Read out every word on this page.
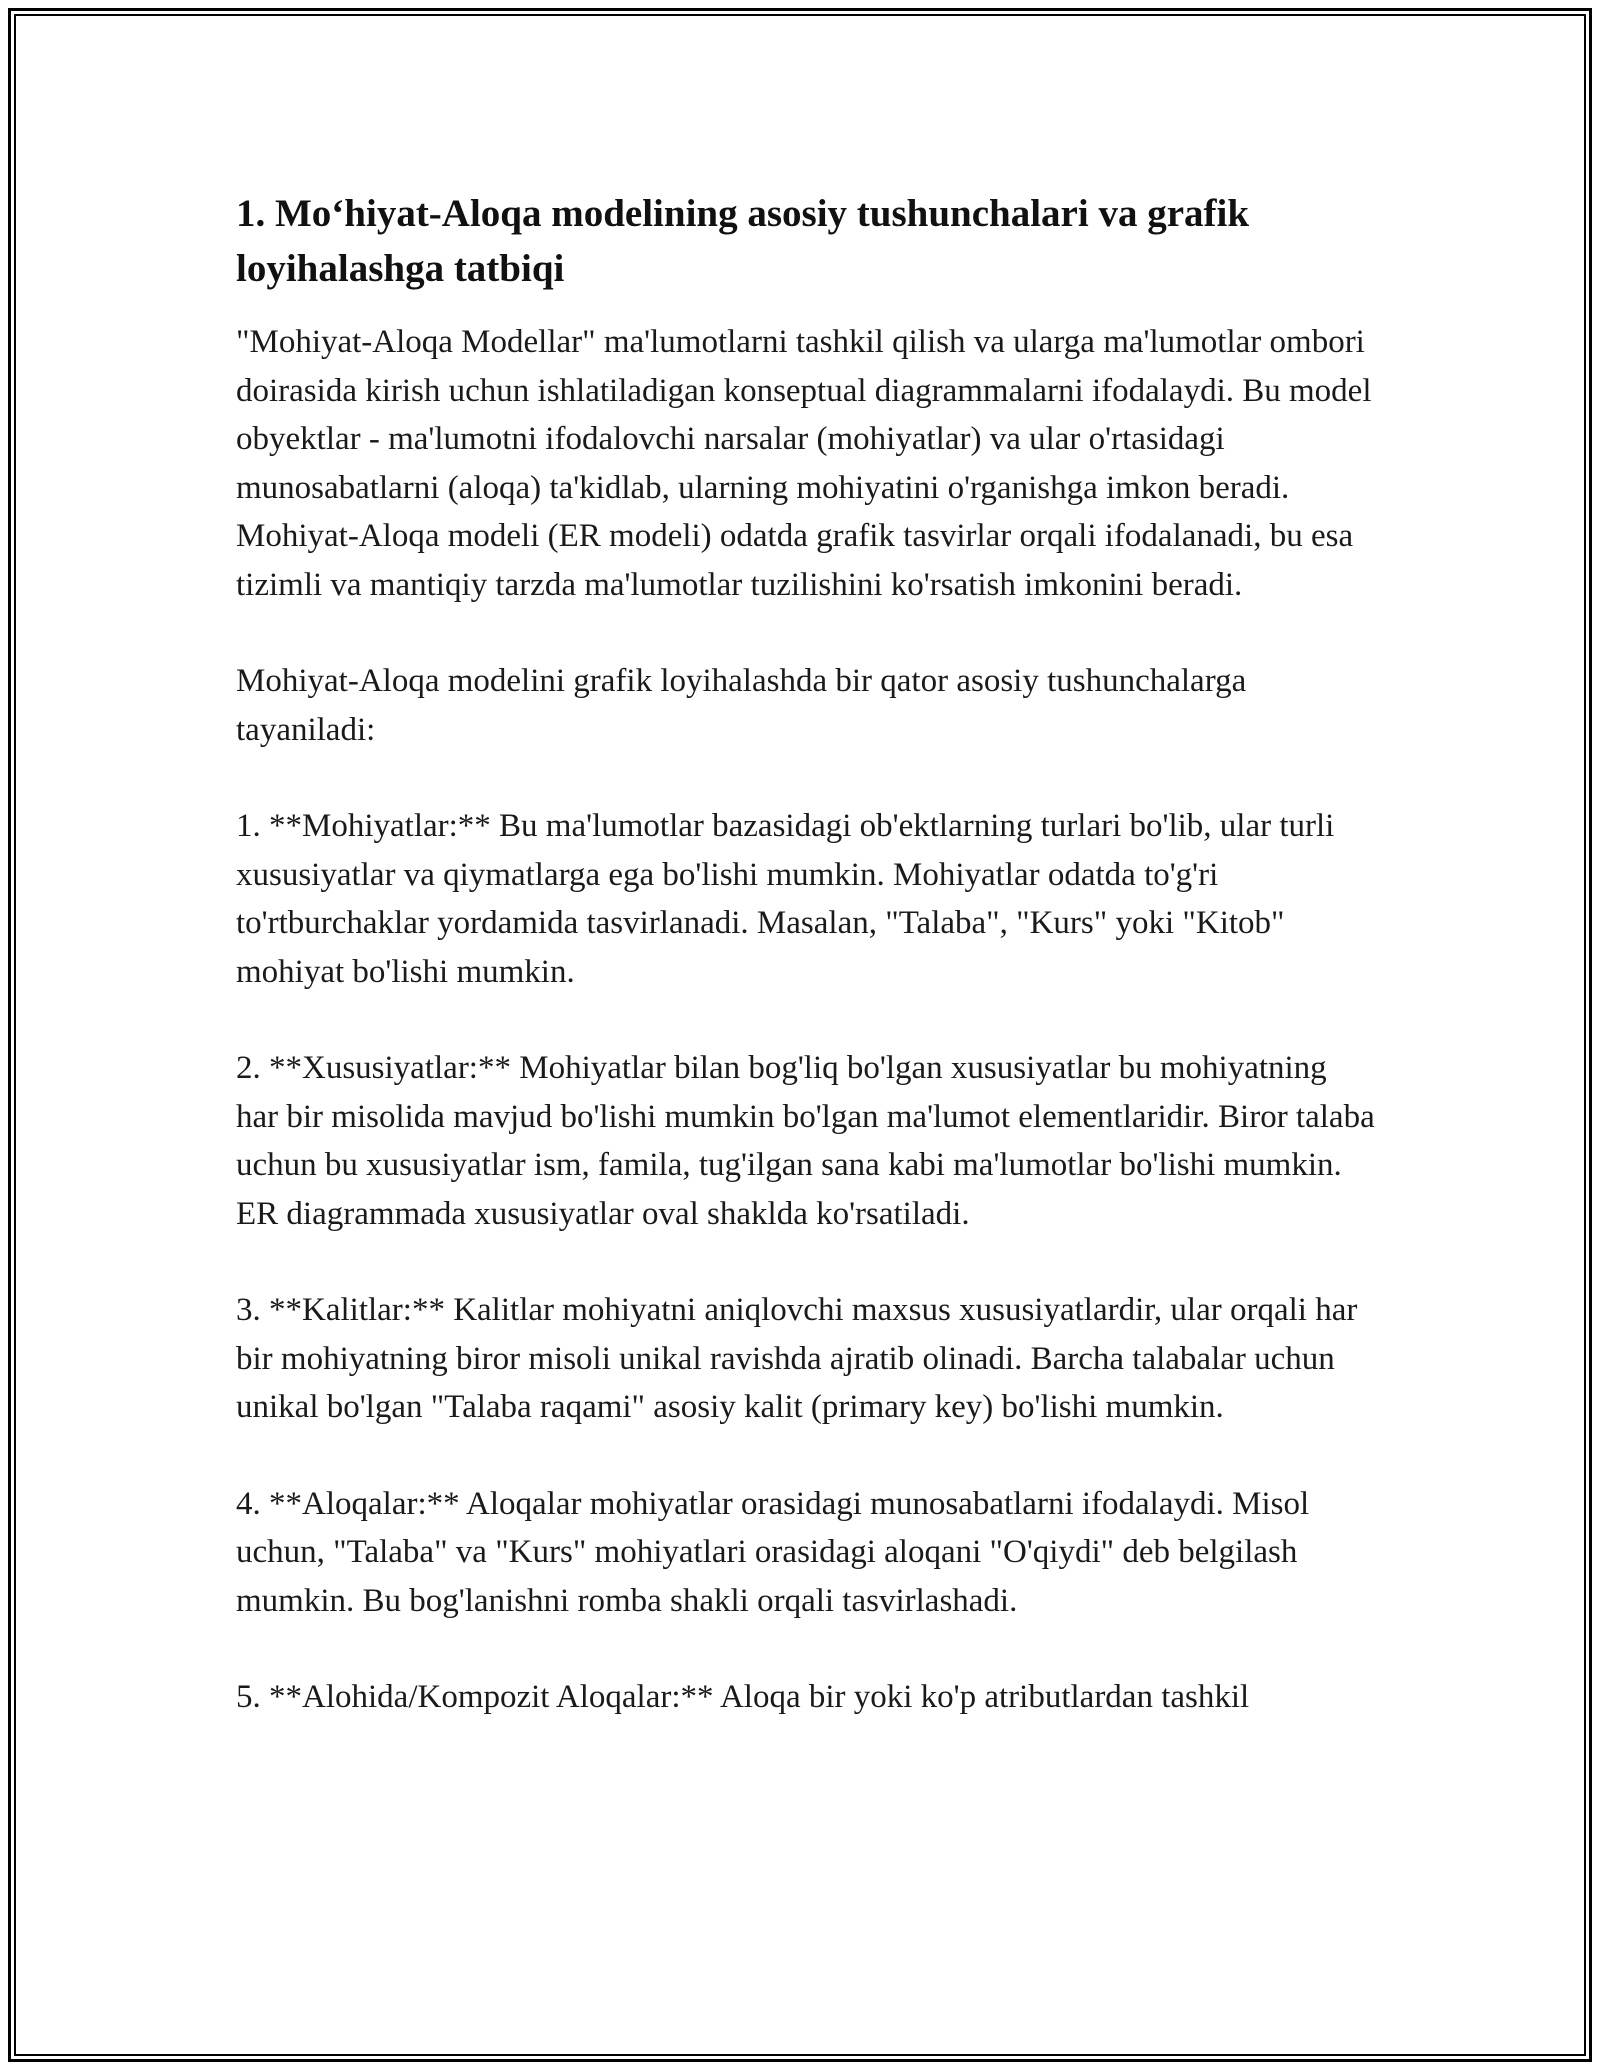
1. Mo‘hiyat-Aloqa modelining asosiy tushunchalari va grafik loyihalashga tatbiqi

"Mohiyat-Aloqa Modellar" ma'lumotlarni tashkil qilish va ularga ma'lumotlar ombori doirasida kirish uchun ishlatiladigan konseptual diagrammalarni ifodalaydi. Bu model obyektlar - ma'lumotni ifodalovchi narsalar (mohiyatlar) va ular o'rtasidagi munosabatlarni (aloqa) ta'kidlab, ularning mohiyatini o'rganishga imkon beradi. Mohiyat-Aloqa modeli (ER modeli) odatda grafik tasvirlar orqali ifodalanadi, bu esa tizimli va mantiqiy tarzda ma'lumotlar tuzilishini ko'rsatish imkonini beradi.

Mohiyat-Aloqa modelini grafik loyihalashda bir qator asosiy tushunchalarga tayaniladi:

1. **Mohiyatlar:** Bu ma'lumotlar bazasidagi ob'ektlarning turlari bo'lib, ular turli xususiyatlar va qiymatlarga ega bo'lishi mumkin. Mohiyatlar odatda to'g'ri to'rtburchaklar yordamida tasvirlanadi. Masalan, "Talaba", "Kurs" yoki "Kitob" mohiyat bo'lishi mumkin.

2. **Xususiyatlar:** Mohiyatlar bilan bog'liq bo'lgan xususiyatlar bu mohiyatning har bir misolida mavjud bo'lishi mumkin bo'lgan ma'lumot elementlaridir. Biror talaba uchun bu xususiyatlar ism, famila, tug'ilgan sana kabi ma'lumotlar bo'lishi mumkin. ER diagrammada xususiyatlar oval shaklda ko'rsatiladi.

3. **Kalitlar:** Kalitlar mohiyatni aniqlovchi maxsus xususiyatlardir, ular orqali har bir mohiyatning biror misoli unikal ravishda ajratib olinadi. Barcha talabalar uchun unikal bo'lgan "Talaba raqami" asosiy kalit (primary key) bo'lishi mumkin.

4. **Aloqalar:** Aloqalar mohiyatlar orasidagi munosabatlarni ifodalaydi. Misol uchun, "Talaba" va "Kurs" mohiyatlari orasidagi aloqani "O'qiydi" deb belgilash mumkin. Bu bog'lanishni romba shakli orqali tasvirlashadi.

5. **Alohida/Kompozit Aloqalar:** Aloqa bir yoki ko'p atributlardan tashkil
